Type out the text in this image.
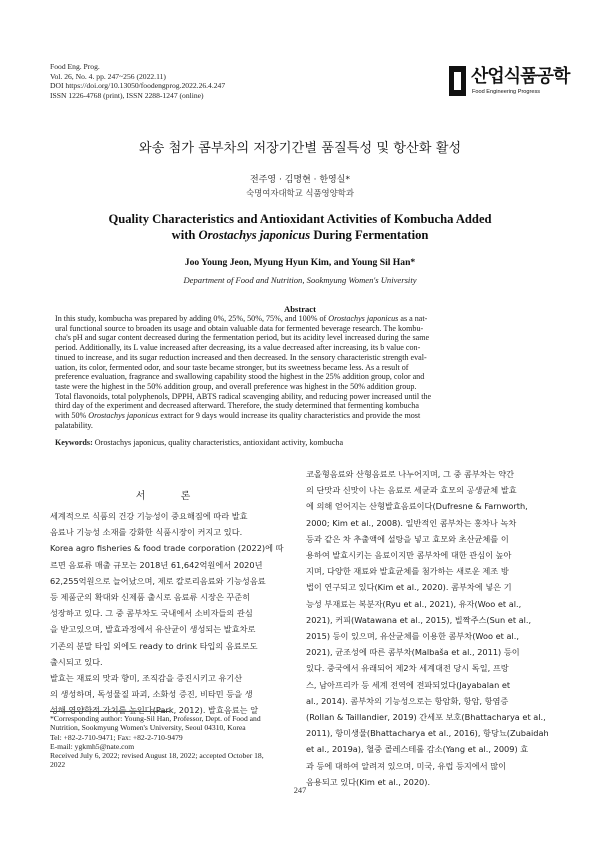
Food Eng. Prog.
Vol. 26, No. 4. pp. 247~256 (2022.11)
DOI https://doi.org/10.13050/foodengprog.2022.26.4.247
ISSN 1226-4768 (print), ISSN 2288-1247 (online)
산업식품공학
Food Engineering Progress
와송 첨가 콤부차의 저장기간별 품질특성 및 항산화 활성
전주영 · 김명현 · 한영실*
숙명여자대학교 식품영양학과
Quality Characteristics and Antioxidant Activities of Kombucha Added
with Orostachys japonicus During Fermentation
Joo Young Jeon, Myung Hyun Kim, and Young Sil Han*
Department of Food and Nutrition, Sookmyung Women's University
Abstract
In this study, kombucha was prepared by adding 0%, 25%, 50%, 75%, and 100% of Orostachys japonicus as a nat-
ural functional source to broaden its usage and obtain valuable data for fermented beverage research. The kombu-
cha's pH and sugar content decreased during the fermentation period, but its acidity level increased during the same
period. Additionally, its L value increased after decreasing, its a value decreased after increasing, its b value con-
tinued to increase, and its sugar reduction increased and then decreased. In the sensory characteristic strength eval-
uation, its color, fermented odor, and sour taste became stronger, but its sweetness became less. As a result of
preference evaluation, fragrance and swallowing capability stood the highest in the 25% addition group, color and
taste were the highest in the 50% addition group, and overall preference was highest in the 50% addition group.
Total flavonoids, total polyphenols, DPPH, ABTS radical scavenging ability, and reducing power increased until the
third day of the experiment and decreased afterward. Therefore, the study determined that fermenting kombucha
with 50% Orostachys japonicus extract for 9 days would increase its quality characteristics and provide the most
palatability.
Keywords: Orostachys japonicus, quality characteristics, antioxidant activity, kombucha
서 론
세계적으로 식품의 건강 기능성이 중요해짐에 따라 발효
음료나 기능성 소재를 강화한 식품시장이 커지고 있다.
Korea agro fisheries & food trade corporation (2022)에 따
르면 음료류 매출 규모는 2018년 61,642억원에서 2020년
62,255억원으로 늘어났으며, 제로 칼로리음료와 기능성음료
등 제품군의 확대와 신제품 출시로 음료류 시장은 꾸준히
성장하고 있다. 그 중 콤부차도 국내에서 소비자들의 관심
을 받고있으며, 발효과정에서 유산균이 생성되는 발효차로
기존의 분말 타입 외에도 ready to drink 타입의 음료로도
출시되고 있다.
발효는 재료의 맛과 향미, 조직감을 증진시키고 유기산
의 생성하며, 독성물질 파괴, 소화성 증진, 비타민 등을 생
성해 영양학적 가치를 높인다(Park, 2012). 발효음료는 알
코올형음료와 산형음료로 나누어지며, 그 중 콤부차는 약간
의 단맛과 신맛이 나는 음료로 세균과 효모의 공생균체 발효
에 의해 얻어지는 산형발효음료이다(Dufresne & Farnworth,
2000; Kim et al., 2008). 일반적인 콤부차는 홍차나 녹차
등과 같은 차 추출액에 설탕을 넣고 효모와 초산균체를 이
용하여 발효시키는 음료이지만 콤부차에 대한 관심이 높아
지며, 다양한 재료와 발효균체를 첨가하는 새로운 제조 방
법이 연구되고 있다(Kim et al., 2020). 콤부차에 넣은 기
능성 부재료는 복분자(Ryu et al., 2021), 유자(Woo et al.,
2021), 커피(Watawana et al., 2015), 빌짝주스(Sun et al.,
2015) 등이 있으며, 유산균체를 이용한 콤부차(Woo et al.,
2021), 균조성에 따른 콤부차(Malbaša et al., 2011) 등이
있다. 중국에서 유래되어 제2차 세계대전 당시 독일, 프랑
스, 남아프리카 등 세계 전역에 전파되었다(Jayabalan et
al., 2014). 콤부차의 기능성으로는 항암화, 항암, 항염증
(Rollan & Taillandier, 2019) 간세포 보호(Bhattacharya et al.,
2011), 항미생물(Bhattacharya et al., 2016), 항당뇨(Zubaidah
et al., 2019a), 혈중 콜레스테롤 감소(Yang et al., 2009) 효
과 등에 대하여 알려져 있으며, 미국, 유럽 등지에서 많이
음용되고 있다(Kim et al., 2020).
*Corresponding author: Young-Sil Han, Professor, Dept. of Food and
Nutrition, Sookmyung Women's University, Seoul 04310, Korea
Tel: +82-2-710-9471; Fax: +82-2-710-9479
E-mail: ygkmh5@nate.com
Received July 6, 2022; revised August 18, 2022; accepted October 18,
2022
247
